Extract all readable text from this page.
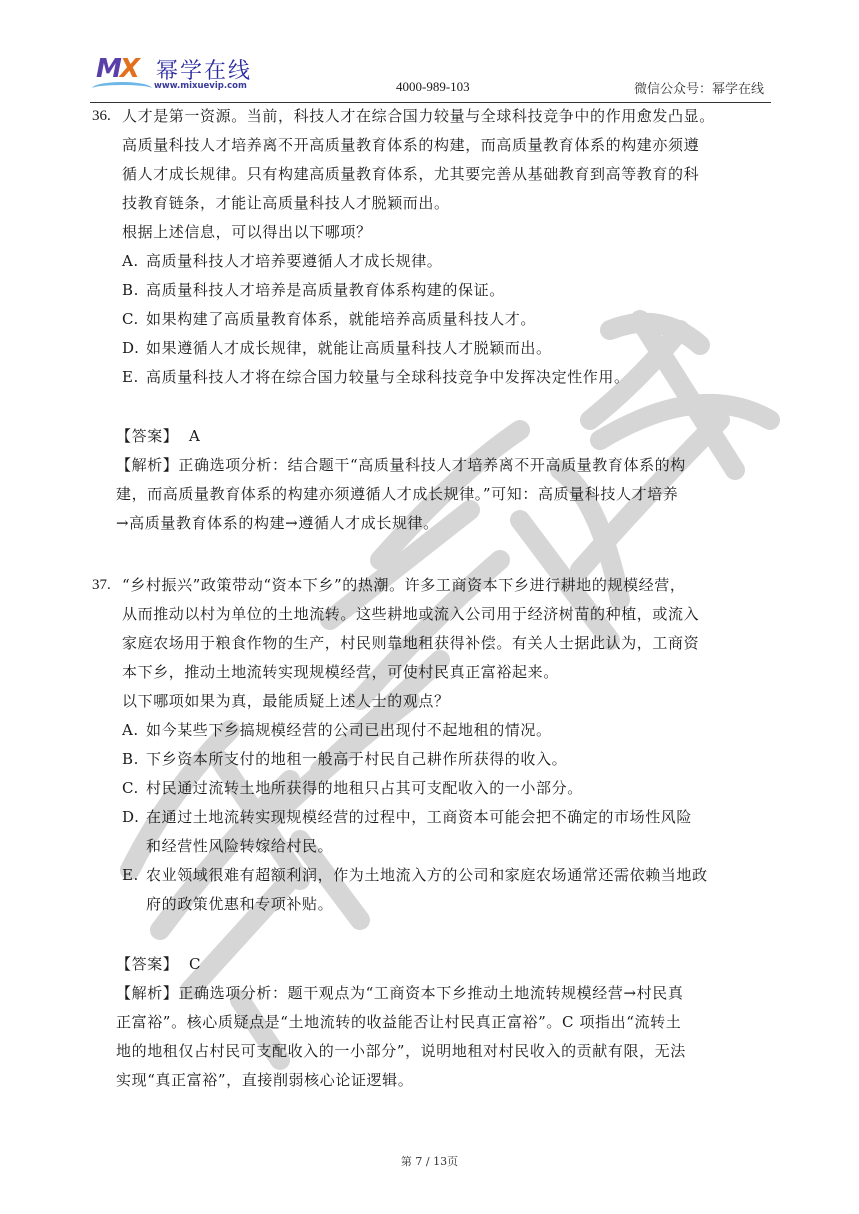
MX 幂学在线
www.mixuevip.com	4000-989-103	微信公众号：幂学在线
36. 人才是第一资源。当前，科技人才在综合国力较量与全球科技竞争中的作用愈发凸显。
高质量科技人才培养离不开高质量教育体系的构建，而高质量教育体系的构建亦须遵
循人才成长规律。只有构建高质量教育体系，尤其要完善从基础教育到高等教育的科
技教育链条，才能让高质量科技人才脱颖而出。
根据上述信息，可以得出以下哪项？
A. 高质量科技人才培养要遵循人才成长规律。
B. 高质量科技人才培养是高质量教育体系构建的保证。
C. 如果构建了高质量教育体系，就能培养高质量科技人才。
D. 如果遵循人才成长规律，就能让高质量科技人才脱颖而出。
E. 高质量科技人才将在综合国力较量与全球科技竞争中发挥决定性作用。
【答案】 A
【解析】正确选项分析：结合题干“高质量科技人才培养离不开高质量教育体系的构
建，而高质量教育体系的构建亦须遵循人才成长规律。”可知：高质量科技人才培养
→高质量教育体系的构建→遵循人才成长规律。
37. “乡村振兴”政策带动“资本下乡”的热潮。许多工商资本下乡进行耕地的规模经营，
从而推动以村为单位的土地流转。这些耕地或流入公司用于经济树苗的种植，或流入
家庭农场用于粮食作物的生产，村民则靠地租获得补偿。有关人士据此认为，工商资
本下乡，推动土地流转实现规模经营，可使村民真正富裕起来。
以下哪项如果为真，最能质疑上述人士的观点？
A. 如今某些下乡搞规模经营的公司已出现付不起地租的情况。
B. 下乡资本所支付的地租一般高于村民自己耕作所获得的收入。
C. 村民通过流转土地所获得的地租只占其可支配收入的一小部分。
D. 在通过土地流转实现规模经营的过程中，工商资本可能会把不确定的市场性风险
和经营性风险转嫁给村民。
E. 农业领域很难有超额利润，作为土地流入方的公司和家庭农场通常还需依赖当地政
府的政策优惠和专项补贴。
【答案】 C
【解析】正确选项分析：题干观点为“工商资本下乡推动土地流转规模经营→村民真
正富裕”。核心质疑点是“土地流转的收益能否让村民真正富裕”。C 项指出“流转土
地的地租仅占村民可支配收入的一小部分”，说明地租对村民收入的贡献有限，无法
实现“真正富裕”，直接削弱核心论证逻辑。
第 7 / 13页
